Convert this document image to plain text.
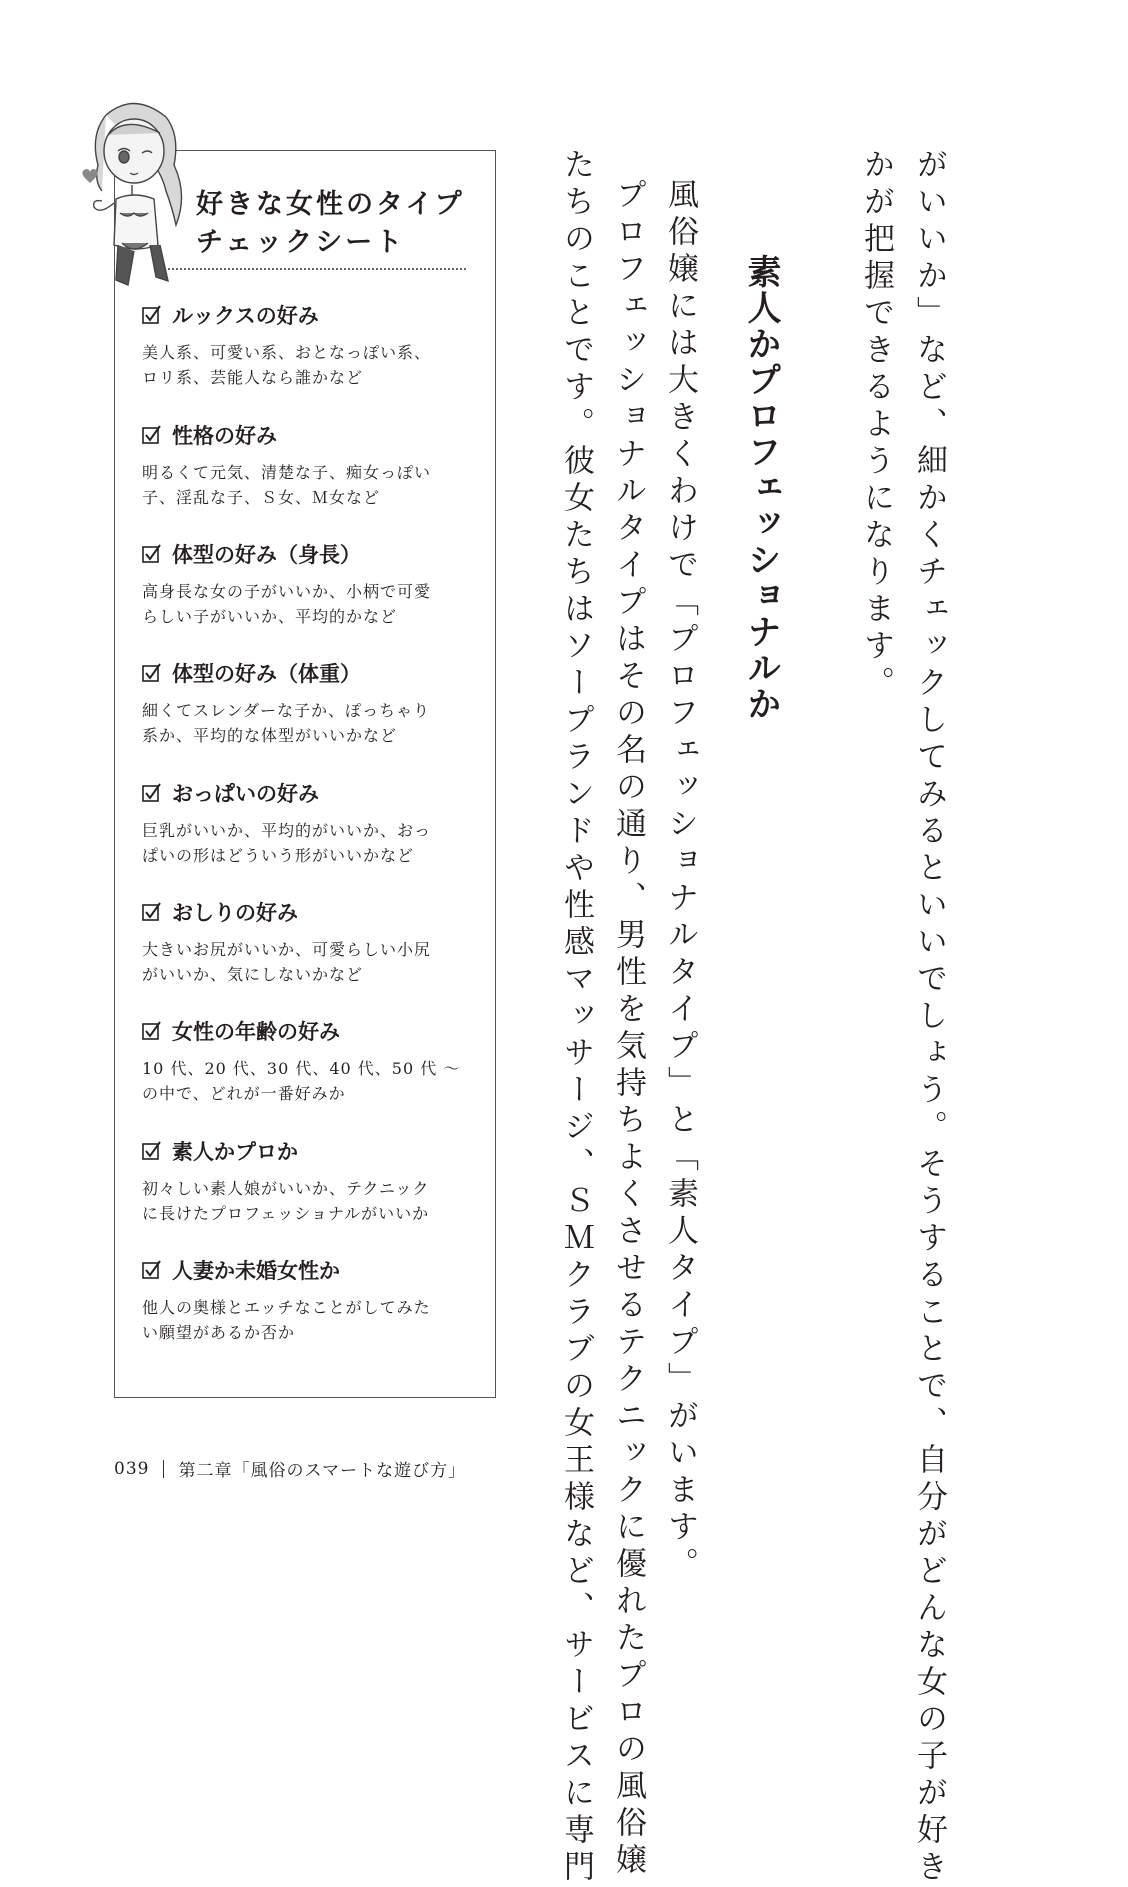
がいいか」など、細かくチェックしてみるといいでしょう。そうすることで、自分がどんな女の子が好き

かが把握できるようになります。

素人かプロフェッショナルか

風俗嬢には大きくわけで「プロフェッショナルタイプ」と「素人タイプ」がいます。

プロフェッショナルタイプはその名の通り、男性を気持ちよくさせるテクニックに優れたプロの風俗嬢

たちのことです。彼女たちはソープランドや性感マッサージ、ＳＭクラブの女王様など、サービスに専門

好きな女性のタイプ
チェックシート
ルックスの好み

美人系、可愛い系、おとなっぽい系、
ロリ系、芸能人なら誰かなど

性格の好み

明るくて元気、清楚な子、痴女っぽい
子、淫乱な子、Ｓ女、Ｍ女など

体型の好み（身長）

高身長な女の子がいいか、小柄で可愛
らしい子がいいか、平均的かなど

体型の好み（体重）

細くてスレンダーな子か、ぽっちゃり
系か、平均的な体型がいいかなど

おっぱいの好み

巨乳がいいか、平均的がいいか、おっ
ぱいの形はどういう形がいいかなど

おしりの好み

大きいお尻がいいか、可愛らしい小尻
がいいか、気にしないかなど

女性の年齢の好み

10 代、20 代、30 代、40 代、50 代 ～
の中で、どれが一番好みか

素人かプロか

初々しい素人娘がいいか、テクニック
に長けたプロフェッショナルがいいか

人妻か未婚女性か

他人の奥様とエッチなことがしてみた
い願望があるか否か

039 第二章「風俗のスマートな遊び方」
